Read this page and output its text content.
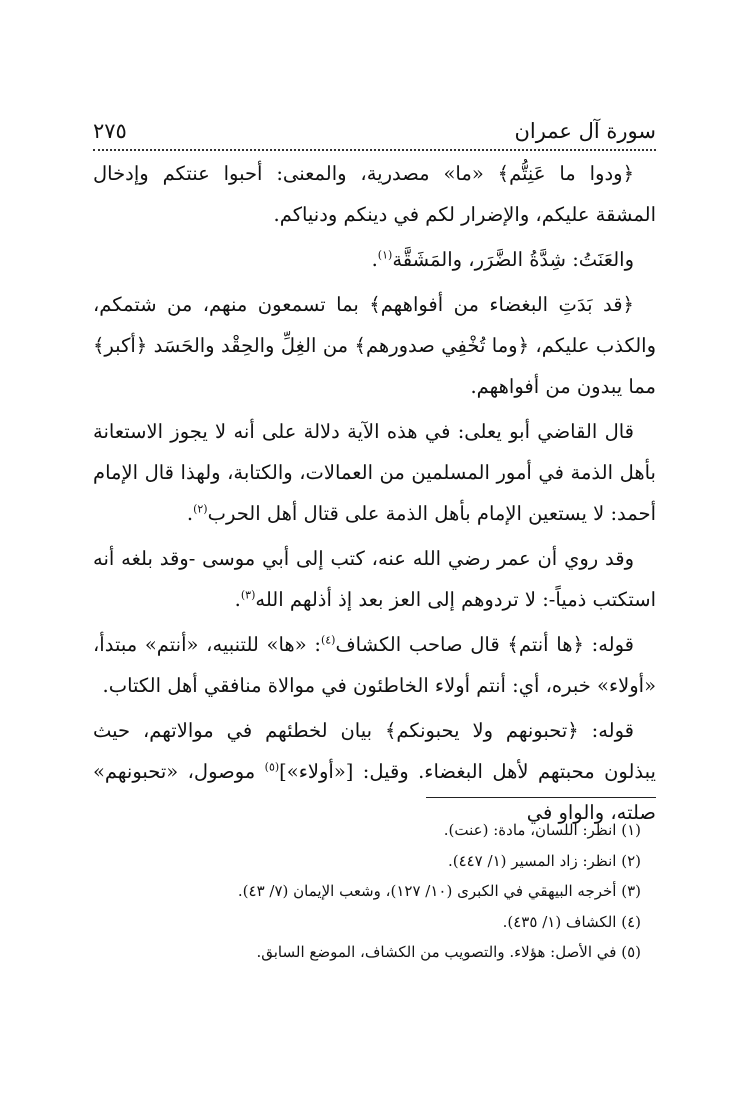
سورة آل عمران
٢٧٥

﴿ودوا ما عَنِتُّم﴾ «ما» مصدرية، والمعنى: أحبوا عنتكم وإدخال المشقة عليكم، والإضرار لكم في دينكم ودنياكم.

والعَنَتُ: شِدَّةُ الضَّرَر، والمَشَقَّة$^{(١)}$.

﴿قد بَدَتِ البغضاء من أفواههم﴾ بما تسمعون منهم، من شتمكم، والكذب عليكم، ﴿وما تُخْفِي صدورهم﴾ من الغِلِّ والحِقْد والحَسَد ﴿أكبر﴾ مما يبدون من أفواههم.

قال القاضي أبو يعلى: في هذه الآية دلالة على أنه لا يجوز الاستعانة بأهل الذمة في أمور المسلمين من العمالات، والكتابة، ولهذا قال الإمام أحمد: لا يستعين الإمام بأهل الذمة على قتال أهل الحرب$^{(٢)}$.

وقد روي أن عمر رضي الله عنه، كتب إلى أبي موسى -وقد بلغه أنه استكتب ذمياً-: لا تردوهم إلى العز بعد إذ أذلهم الله$^{(٣)}$.

قوله: ﴿ها أنتم﴾ قال صاحب الكشاف$^{(٤)}$: «ها» للتنبيه، «أنتم» مبتدأ، «أولاء» خبره، أي: أنتم أولاء الخاطئون في موالاة منافقي أهل الكتاب.

قوله: ﴿تحبونهم ولا يحبونكم﴾ بيان لخطئهم في موالاتهم، حيث يبذلون محبتهم لأهل البغضاء. وقيل: [«أولاء»]$^{(٥)}$ موصول، «تحبونهم» صلته، والواو في

(١) انظر: اللسان، مادة: (عنت).
(٢) انظر: زاد المسير (١/ ٤٤٧).
(٣) أخرجه البيهقي في الكبرى (١٠/ ١٢٧)، وشعب الإيمان (٧/ ٤٣).
(٤) الكشاف (١/ ٤٣٥).
(٥) في الأصل: هؤلاء. والتصويب من الكشاف، الموضع السابق.
